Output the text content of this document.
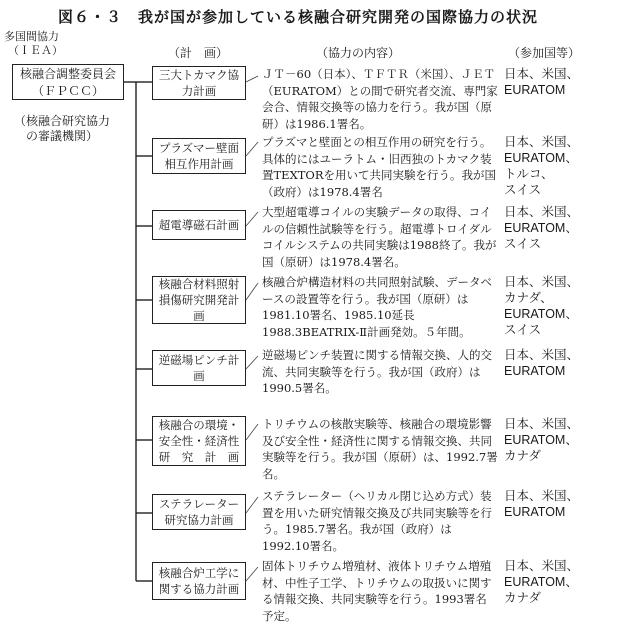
図６・３　我が国が参加している核融合研究開発の国際協力の状況
多国間協力
（ＩＥＡ）
核融合調整委員会
（ＦＰＣＣ）
（核融合研究協力
の審議機関）
（計　画）	（協力の内容）	（参加国等）
三大トカマク協力計画
ＪＴ－60（日本）、ＴＦＴＲ（米国）、ＪＥＴ（EURATOM）との間で研究者交流、専門家会合、情報交換等の協力を行う。我が国（原研）は1986.1署名。
日本、米国、
EURATOM
プラズマー壁面相互作用計画
プラズマと壁面との相互作用の研究を行う。具体的にはユーラトム・旧西独のトカマク装置TEXTORを用いて共同実験を行う。我が国（政府）は1978.4署名
日本、米国、
EURATOM、
トルコ、
スイス
超電導磁石計画
大型超電導コイルの実験データの取得、コイルの信頼性試験等を行う。超電導トロイダルコイルシステムの共同実験は1988終了。我が国（原研）は1978.4署名。
日本、米国、
EURATOM、
スイス
核融合材料照射損傷研究開発計画
核融合炉構造材料の共同照射試験、データベースの設置等を行う。我が国（原研）は1981.10署名、1985.10延長1988.3BEATRIX-Ⅱ計画発効。５年間。
日本、米国、
カナダ、
EURATOM、
スイス
逆磁場ピンチ計　画
逆磁場ピンチ装置に関する情報交換、人的交流、共同実験等を行う。我が国（政府）は1990.5署名。
日本、米国、
EURATOM
核融合の環境・安全性・経済性研　究　計　画
トリチウムの核散実験等、核融合の環境影響及び安全性・経済性に関する情報交換、共同実験等を行う。我が国（原研）は、1992.7署名。
日本、米国、
EURATOM、
カナダ
ステラレーター研究協力計画
ステラレーター（ヘリカル閉じ込め方式）装置を用いた研究情報交換及び共同実験等を行う。1985.7署名。我が国（政府）は1992.10署名。
日本、米国、
EURATOM
核融合炉工学に関する協力計画
固体トリチウム増殖材、液体トリチウム増殖材、中性子工学、トリチウムの取扱いに関する情報交換、共同実験等を行う。1993署名予定。
日本、米国、
EURATOM、
カナダ
